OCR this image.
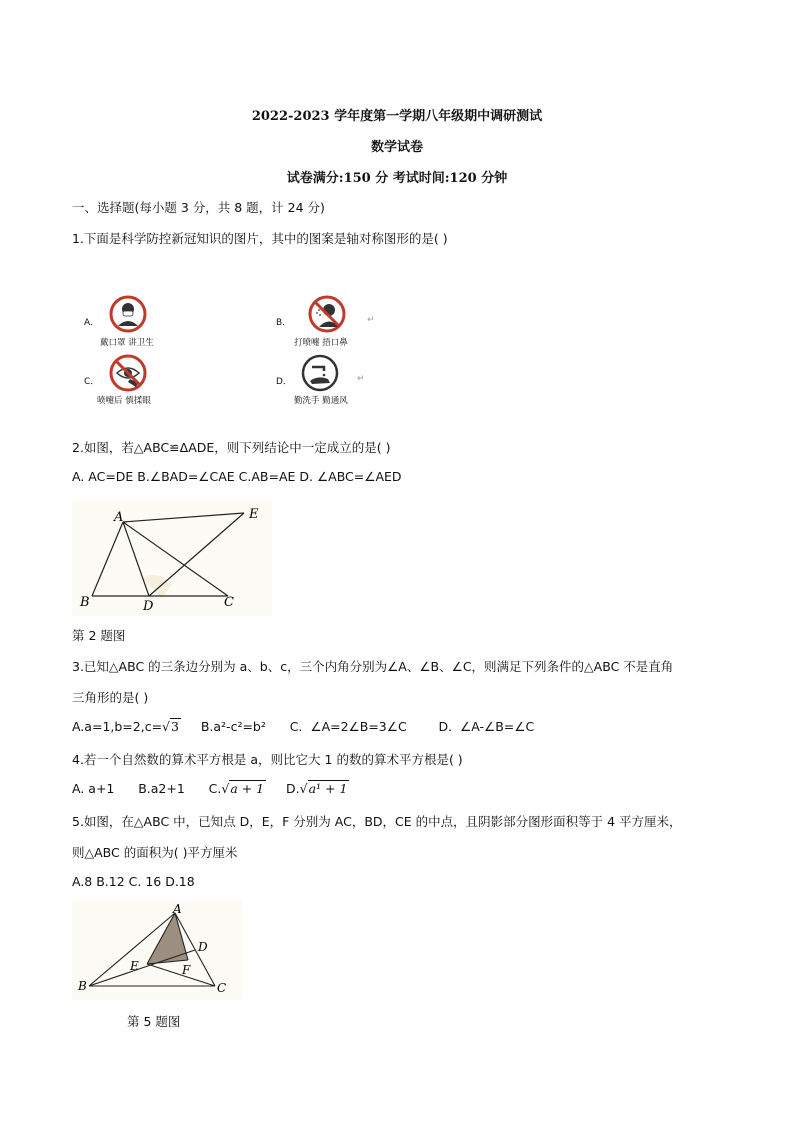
2022-2023 学年度第一学期八年级期中调研测试
数学试卷
试卷满分:150 分 考试时间:120 分钟
一、选择题(每小题 3 分，共 8 题，计 24 分)
1.下面是科学防控新冠知识的图片，其中的图案是轴对称图形的是( )
A．
戴口罩 讲卫生
B．	↵
打喷嚏 捂口鼻
C．
喷嚏后 慎揉眼
D．	↵
勤洗手 勤通风
2.如图，若△ABC≌ΔADE，则下列结论中一定成立的是( )
A. AC=DE B.∠BAD=∠CAE C.AB=AE D. ∠ABC=∠AED
A
B	C
D
E
第 2 题图
3.已知△ABC 的三条边分别为 a、b、c，三个内角分别为∠A、∠B、∠C，则满足下列条件的△ABC 不是直角
三角形的是( )
A.a=1,b=2,c=√3     B.a²-c²=b²      C.  ∠A=2∠B=3∠C        D.  ∠A-∠B=∠C
4.若一个自然数的算术平方根是 a，则比它大 1 的数的算术平方根是( )
A. a+1      B.a2+1      C.√a + 1     D.√a¹ + 1
5.如图，在△ABC 中，已知点 D，E，F 分别为 AC，BD，CE 的中点，且阴影部分图形面积等于 4 平方厘米，
则△ABC 的面积为( )平方厘米
A.8 B.12 C. 16 D.18
A
B	C
D
E	F
第 5 题图
